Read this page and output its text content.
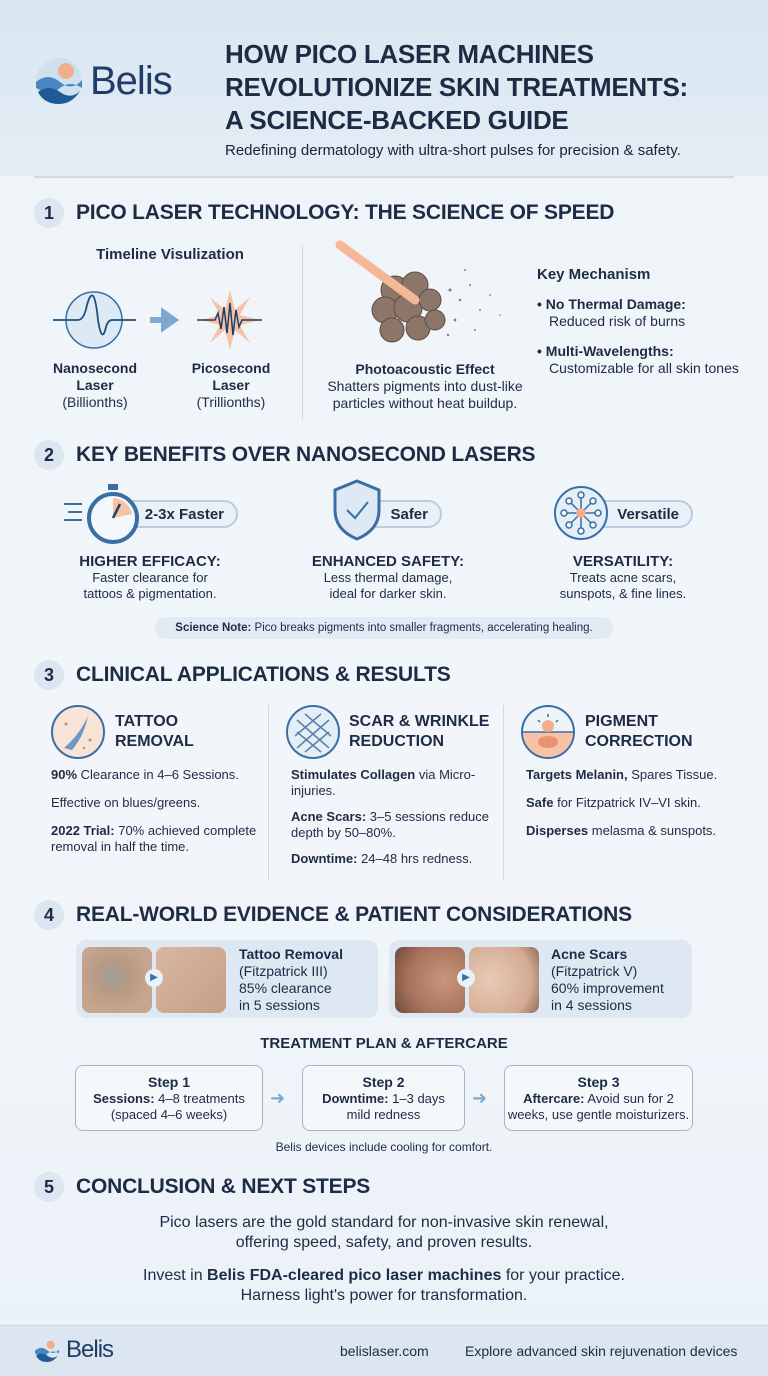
Belis
HOW PICO LASER MACHINES
REVOLUTIONIZE SKIN TREATMENTS:
A SCIENCE-BACKED GUIDE
Redefining dermatology with ultra-short pulses for precision & safety.
1	PICO LASER TECHNOLOGY: THE SCIENCE OF SPEED
Timeline Visulization
Nanosecond
Laser
(Billionths)
Picosecond
Laser
(Trillionths)
Photoacoustic Effect
Shatters pigments into dust-like
particles without heat buildup.
Key Mechanism
• No Thermal Damage:
Reduced risk of burns
• Multi-Wavelengths:
Customizable for all skin tones
2	KEY BENEFITS OVER NANOSECOND LASERS
2-3x Faster	Safer	Versatile
HIGHER EFFICACY:
Faster clearance for
tattoos & pigmentation.
ENHANCED SAFETY:
Less thermal damage,
ideal for darker skin.
VERSATILITY:
Treats acne scars,
sunspots, & fine lines.
Science Note: Pico breaks pigments into smaller fragments, accelerating healing.
3	CLINICAL APPLICATIONS & RESULTS
TATTOO
REMOVAL
SCAR & WRINKLE
REDUCTION
PIGMENT
CORRECTION

90% Clearance in 4–6 Sessions.

Effective on blues/greens.

2022 Trial: 70% achieved complete removal in half the time.

Stimulates Collagen via Micro-injuries.

Acne Scars: 3–5 sessions reduce depth by 50–80%.

Downtime: 24–48 hrs redness.

Targets Melanin, Spares Tissue.

Safe for Fitzpatrick IV–VI skin.

Disperses melasma & sunspots.

4	REAL-WORLD EVIDENCE & PATIENT CONSIDERATIONS
▶
Tattoo Removal
(Fitzpatrick III)
85% clearance
in 5 sessions
▶
Acne Scars
(Fitzpatrick V)
60% improvement
in 4 sessions
TREATMENT PLAN & AFTERCARE
Step 1
Sessions: 4–8 treatments (spaced 4–6 weeks)
➜
Step 2
Downtime: 1–3 days mild redness
➜
Step 3
Aftercare: Avoid sun for 2 weeks, use gentle moisturizers.
Belis devices include cooling for comfort.
5	CONCLUSION & NEXT STEPS
Pico lasers are the gold standard for non-invasive skin renewal,
offering speed, safety, and proven results.
Invest in Belis FDA-cleared pico laser machines for your practice.
Harness light's power for transformation.
Belis	belislaser.com	Explore advanced skin rejuvenation devices
